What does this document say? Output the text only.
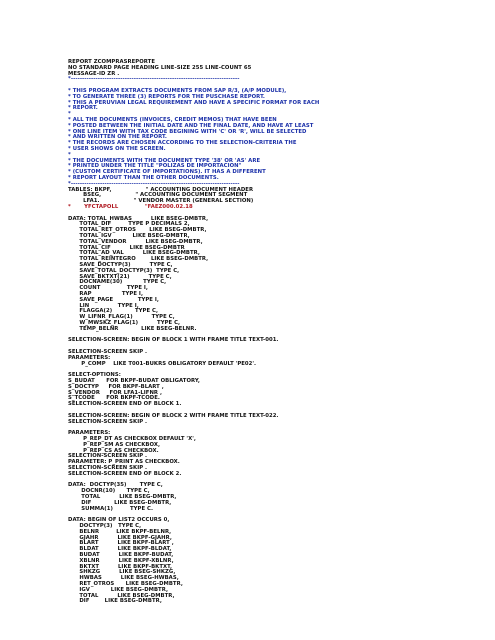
REPORT ZCOMPRASREPORTE
NO STANDARD PAGE HEADING LINE-SIZE 255 LINE-COUNT 65
MESSAGE-ID ZR .
*---------------------------------------------------------------------------
* THIS PROGRAM EXTRACTS DOCUMENTS FROM SAP R/3, (A/P MODULE),
* TO GENERATE THREE (3) REPORTS FOR THE PUSCHASE REPORT.
* THIS A PERUVIAN LEGAL REQUIREMENT AND HAVE A SPECIFIC FORMAT FOR EACH
* REPORT.
*
* ALL THE DOCUMENTS (INVOICES, CREDIT MEMOS) THAT HAVE BEEN
* POSTED BETWEEN THE INITIAL DATE AND THE FINAL DATE, AND HAVE AT LEAST
* ONE LINE ITEM WITH TAX CODE BEGINING WITH 'C' OR 'R', WILL BE SELECTED
* AND WRITTEN ON THE REPORT.
* THE RECORDS ARE CHOSEN ACCORDING TO THE SELECTION-CRITERIA THE
* USER SHOWS ON THE SCREEN.
*
* THE DOCUMENTS WITH THE DOCUMENT TYPE '38' OR 'AS' ARE
* PRINTED UNDER THE TITLE "POLIZAS DE IMPORTACION"
* (CUSTOM CERTIFICATE OF IMPORTATIONS). IT HAS A DIFFERENT
* REPORT LAYOUT THAN THE OTHER DOCUMENTS.
*---------------------------------------------------------------------------
TABLES: BKPF,                  " ACCOUNTING DOCUMENT HEADER
BSEG,                  " ACCOUNTING DOCUMENT SEGMENT
LFA1.                  " VENDOR MASTER (GENERAL SECTION)
*       YFCTAPOLL              "FAEZ000.02.18
DATA: TOTAL_HWBAS          LIKE BSEG-DMBTR,
TOTAL_DIF         TYPE P DECIMALS 2,
TOTAL_RET_OTROS       LIKE BSEG-DMBTR,
TOTAL_IGV           LIKE BSEG-DMBTR,
TOTAL_VENDOR          LIKE BSEG-DMBTR,
TOTAL_CIF          LIKE BSEG-DMBTR
TOTAL_AD_VAL          LIKE BSEG-DMBTR,
TOTAL_REINTEGRO        LIKE BSEG-DMBTR,
SAVE_DOCTYP(3)          TYPE C,
SAVE_TOTAL_DOCTYP(3)  TYPE C,
SAVE_BKTXT(21)          TYPE C,
DOCNAME(30)           TYPE C,
COUNT              TYPE I,
RAP                TYPE I,
SAVE_PAGE             TYPE I,
LIN               TYPE I,
FLAGGA(2)            TYPE C,
W_LIFNR_FLAG(1)          TYPE C,
W_MWSKZ_FLAG(1)          TYPE C,
TEMP_BELNR            LIKE BSEG-BELNR.
SELECTION-SCREEN: BEGIN OF BLOCK 1 WITH FRAME TITLE TEXT-001.
SELECTION-SCREEN SKIP .
PARAMETERS:
P_COMP    LIKE T001-BUKRS OBLIGATORY DEFAULT 'PE02'.
SELECT-OPTIONS:
S_BUDAT      FOR BKPF-BUDAT OBLIGATORY,
S_DOCTYP     FOR BKPF-BLART ,
S_VENDOR     FOR LFA1-LIFNR ,
S_TCODE      FOR BKPF-TCODE.
SELECTION-SCREEN END OF BLOCK 1.
SELECTION-SCREEN: BEGIN OF BLOCK 2 WITH FRAME TITLE TEXT-022.
SELECTION-SCREEN SKIP .
PARAMETERS:
P_REP_DT AS CHECKBOX DEFAULT 'X',
P_REP_SM AS CHECKBOX,
P_REP_CS AS CHECKBOX.
SELECTION-SCREEN SKIP .
PARAMETER: P_PRINT AS CHECKBOX.
SELECTION-SCREEN SKIP .
SELECTION-SCREEN END OF BLOCK 2.
DATA:  DOCTYP(35)       TYPE C,
DOCNR(10)      TYPE C,
TOTAL          LIKE BSEG-DMBTR,
DIF            LIKE BSEG-DMBTR,
SUMMA(1)         TYPE C.
DATA: BEGIN OF LIST2 OCCURS 0,
DOCTYP(3)   TYPE C,
BELNR         LIKE BKPF-BELNR,
GJAHR          LIKE BKPF-GJAHR,
BLART          LIKE BKPF-BLART ,
BLDAT          LIKE BKPF-BLDAT,
BUDAT          LIKE BKPF-BUDAT,
XBLNR          LIKE BKPF-XBLNR,
BKTXT          LIKE BKPF-BKTXT,
SHKZG          LIKE BSEG-SHKZG,
HWBAS          LIKE BSEG-HWBAS,
RET_OTROS      LIKE BSEG-DMBTR,
IGV           LIKE BSEG-DMBTR,
TOTAL          LIKE BSEG-DMBTR,
DIF        LIKE BSEG-DMBTR,
